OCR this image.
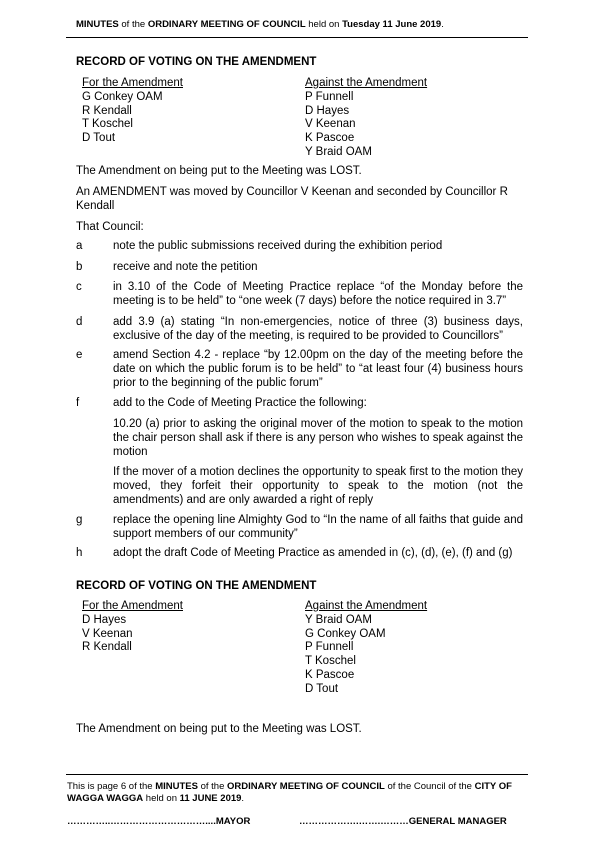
MINUTES of the ORDINARY MEETING OF COUNCIL held on Tuesday 11 June 2019.
RECORD OF VOTING ON THE AMENDMENT
For the Amendment
G Conkey OAM
R Kendall
T Koschel
D Tout
Against the Amendment
P Funnell
D Hayes
V Keenan
K Pascoe
Y Braid OAM
The Amendment on being put to the Meeting was LOST.
An AMENDMENT was moved by Councillor V Keenan and seconded by Councillor R Kendall
That Council:
a	note the public submissions received during the exhibition period
b	receive and note the petition
c	in 3.10 of the Code of Meeting Practice replace “of the Monday before the meeting is to be held” to “one week (7 days) before the notice required in 3.7”
d	add 3.9 (a) stating “In non-emergencies, notice of three (3) business days, exclusive of the day of the meeting, is required to be provided to Councillors”
e	amend Section 4.2 - replace “by 12.00pm on the day of the meeting before the date on which the public forum is to be held” to “at least four (4) business hours prior to the beginning of the public forum”
f	add to the Code of Meeting Practice the following:
10.20 (a) prior to asking the original mover of the motion to speak to the motion the chair person shall ask if there is any person who wishes to speak against the motion
If the mover of a motion declines the opportunity to speak first to the motion they moved, they forfeit their opportunity to speak to the motion (not the amendments) and are only awarded a right of reply
g	replace the opening line Almighty God to “In the name of all faiths that guide and support members of our community”
h	adopt the draft Code of Meeting Practice as amended in (c), (d), (e), (f) and (g)
RECORD OF VOTING ON THE AMENDMENT
For the Amendment
D Hayes
V Keenan
R Kendall
Against the Amendment
Y Braid OAM
G Conkey OAM
P Funnell
T Koschel
K Pascoe
D Tout
The Amendment on being put to the Meeting was LOST.
This is page 6 of the MINUTES of the ORDINARY MEETING OF COUNCIL of the Council of the CITY OF WAGGA WAGGA held on 11 JUNE 2019.
…………..…………………………....MAYOR	……………….…….………GENERAL MANAGER
